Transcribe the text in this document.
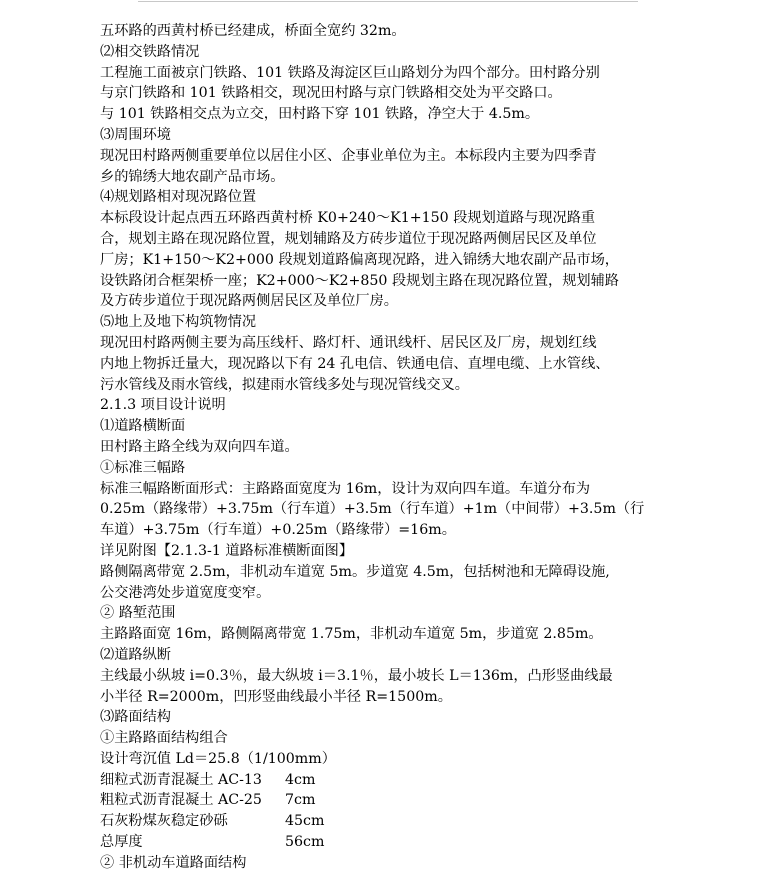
五环路的西黄村桥已经建成，桥面全宽约 32m。
⑵相交铁路情况
工程施工面被京门铁路、101 铁路及海淀区巨山路划分为四个部分。田村路分别
与京门铁路和 101 铁路相交，现况田村路与京门铁路相交处为平交路口。
与 101 铁路相交点为立交，田村路下穿 101 铁路，净空大于 4.5m。
⑶周围环境
现况田村路两侧重要单位以居住小区、企事业单位为主。本标段内主要为四季青
乡的锦绣大地农副产品市场。
⑷规划路相对现况路位置
本标段设计起点西五环路西黄村桥 K0+240～K1+150 段规划道路与现况路重
合，规划主路在现况路位置，规划辅路及方砖步道位于现况路两侧居民区及单位
厂房；K1+150～K2+000 段规划道路偏离现况路，进入锦绣大地农副产品市场，
设铁路闭合框架桥一座；K2+000～K2+850 段规划主路在现况路位置，规划辅路
及方砖步道位于现况路两侧居民区及单位厂房。
⑸地上及地下构筑物情况
现况田村路两侧主要为高压线杆、路灯杆、通讯线杆、居民区及厂房，规划红线
内地上物拆迁量大，现况路以下有 24 孔电信、铁通电信、直埋电缆、上水管线、
污水管线及雨水管线，拟建雨水管线多处与现况管线交叉。
2.1.3 项目设计说明
⑴道路横断面
田村路主路全线为双向四车道。
①标准三幅路
标准三幅路断面形式：主路路面宽度为 16m，设计为双向四车道。车道分布为
0.25m（路缘带）+3.75m（行车道）+3.5m（行车道）+1m（中间带）+3.5m（行
车道）+3.75m（行车道）+0.25m（路缘带）=16m。
详见附图【2.1.3-1 道路标准横断面图】
路侧隔离带宽 2.5m，非机动车道宽 5m。步道宽 4.5m，包括树池和无障碍设施,
公交港湾处步道宽度变窄。
② 路堑范围
主路路面宽 16m，路侧隔离带宽 1.75m，非机动车道宽 5m，步道宽 2.85m。
⑵道路纵断
主线最小纵坡 i=0.3％，最大纵坡 i＝3.1％，最小坡长 L＝136m，凸形竖曲线最
小半径 R=2000m，凹形竖曲线最小半径 R=1500m。
⑶路面结构
①主路路面结构组合
设计弯沉值 Ld＝25.8（1/100mm）
细粒式沥青混凝土 AC-13 4cm
粗粒式沥青混凝土 AC-25 7cm
石灰粉煤灰稳定砂砾	45cm
总厚度	56cm
② 非机动车道路面结构
